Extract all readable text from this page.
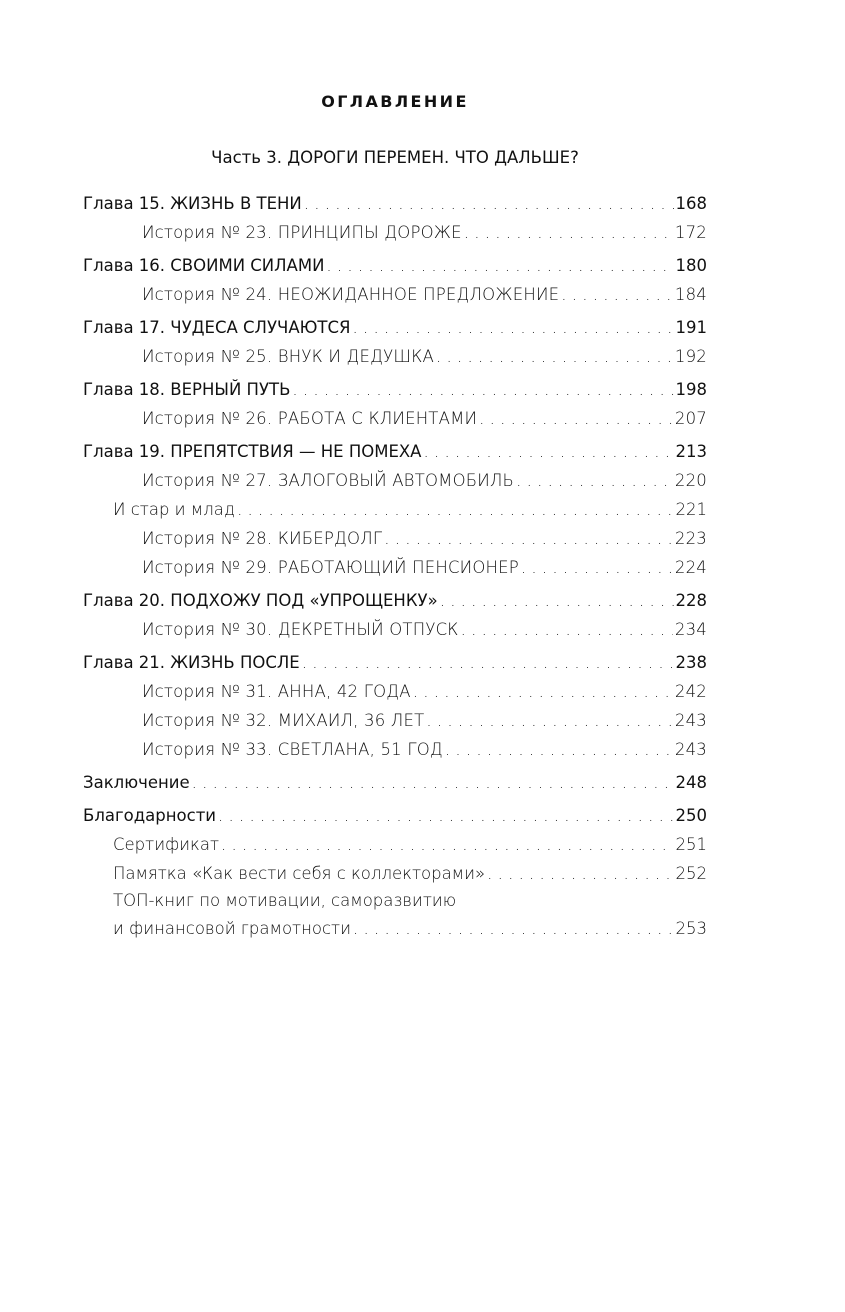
ОГЛАВЛЕНИЕ
Часть 3. ДОРОГИ ПЕРЕМЕН. ЧТО ДАЛЬШЕ?
Глава 15. ЖИЗНЬ В ТЕНИ . . .	168
История № 23. ПРИНЦИПЫ ДОРОЖЕ . . .	172
Глава 16. СВОИМИ СИЛАМИ . . .	180
История № 24. НЕОЖИДАННОЕ ПРЕДЛОЖЕНИЕ . . .	184
Глава 17. ЧУДЕСА СЛУЧАЮТСЯ . . .	191
История № 25. ВНУК И ДЕДУШКА . . .	192
Глава 18. ВЕРНЫЙ ПУТЬ . . .	198
История № 26. РАБОТА С КЛИЕНТАМИ . . .	207
Глава 19. ПРЕПЯТСТВИЯ — НЕ ПОМЕХА . . .	213
История № 27. ЗАЛОГОВЫЙ АВТОМОБИЛЬ . . .	220
И стар и млад . . .	221
История № 28. КИБЕРДОЛГ . . .	223
История № 29. РАБОТАЮЩИЙ ПЕНСИОНЕР . . .	224
Глава 20. ПОДХОЖУ ПОД «УПРОЩЕНКУ» . . .	228
История № 30. ДЕКРЕТНЫЙ ОТПУСК . . .	234
Глава 21. ЖИЗНЬ ПОСЛЕ . . .	238
История № 31. АННА, 42 ГОДА . . .	242
История № 32. МИХАИЛ, 36 ЛЕТ . . .	243
История № 33. СВЕТЛАНА, 51 ГОД . . .	243
Заключение . . .	248
Благодарности . . .	250
Сертификат . . .	251
Памятка «Как вести себя с коллекторами» . . .	252
ТОП-книг по мотивации, саморазвитию
и финансовой грамотности . . .	253
